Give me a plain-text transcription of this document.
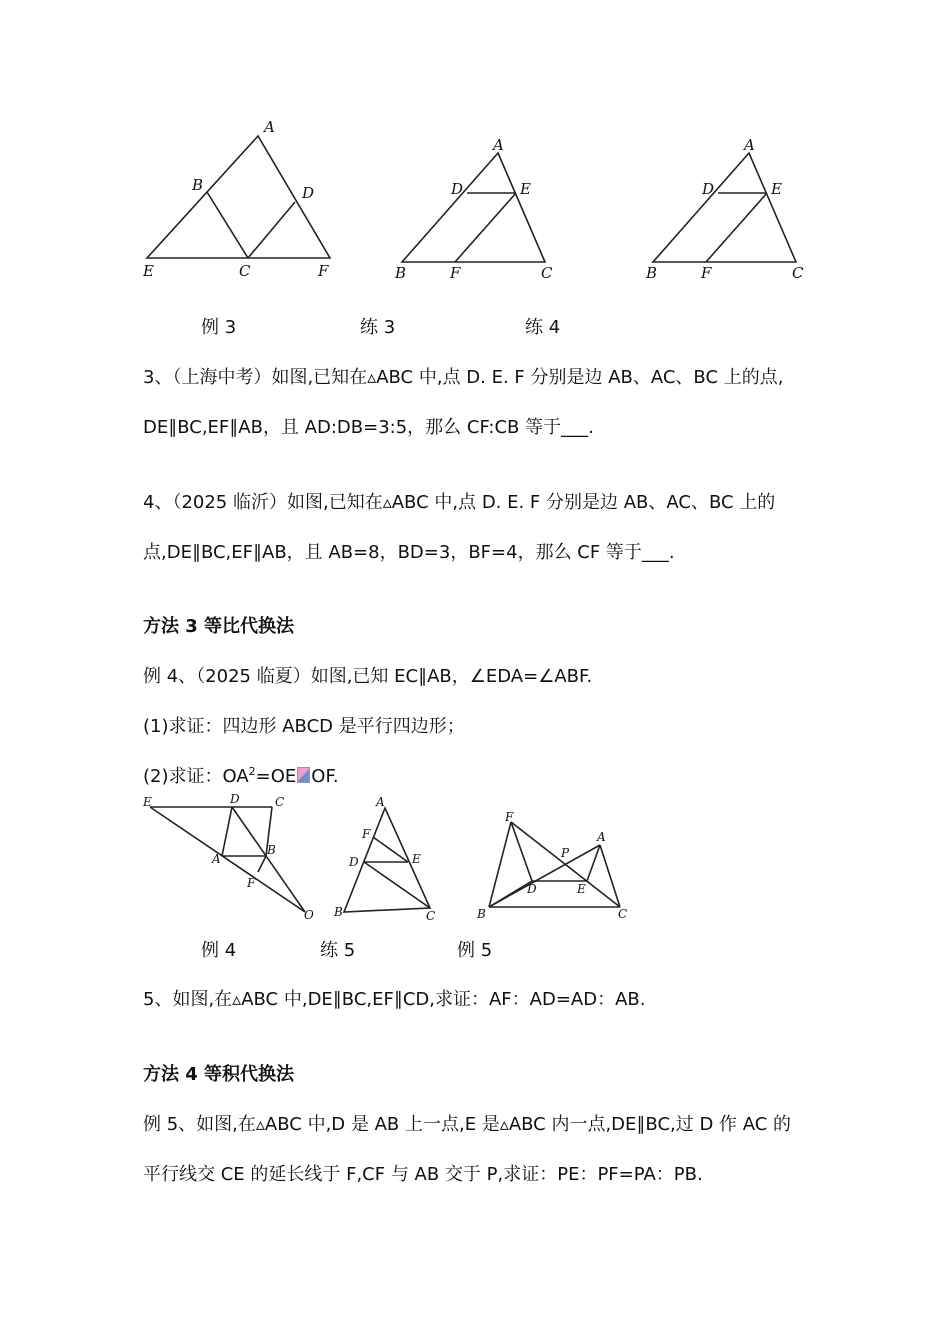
A
B	D
E	C	F
A
D	E
B	F	C
A
D	E
B	F	C
例 3	练 3	练 4
3、（上海中考）如图,已知在▵ABC 中,点 D. E. F 分别是边 AB、AC、BC 上的点,
DE∥BC,EF∥AB，且 AD:DB=3:5，那么 CF:CB 等于___.
4、（2025 临沂）如图,已知在▵ABC 中,点 D. E. F 分别是边 AB、AC、BC 上的
点,DE∥BC,EF∥AB，且 AB=8，BD=3，BF=4，那么 CF 等于___.
方法 3 等比代换法
例 4、（2025 临夏）如图,已知 EC∥AB，∠EDA=∠ABF.
(1)求证：四边形 ABCD 是平行四边形；
(2)求证：$OA^2=OE$ OF.
E	D	C
A
B
F
O
A
F
D	E
B	C
F
A
P
D	E
B	C
例 4	练 5	例 5
5、如图,在▵ABC 中,DE∥BC,EF∥CD,求证：AF：AD=AD：AB.
方法 4 等积代换法
例 5、如图,在▵ABC 中,D 是 AB 上一点,E 是▵ABC 内一点,DE∥BC,过 D 作 AC 的
平行线交 CE 的延长线于 F,CF 与 AB 交于 P,求证：PE：PF=PA：PB.
